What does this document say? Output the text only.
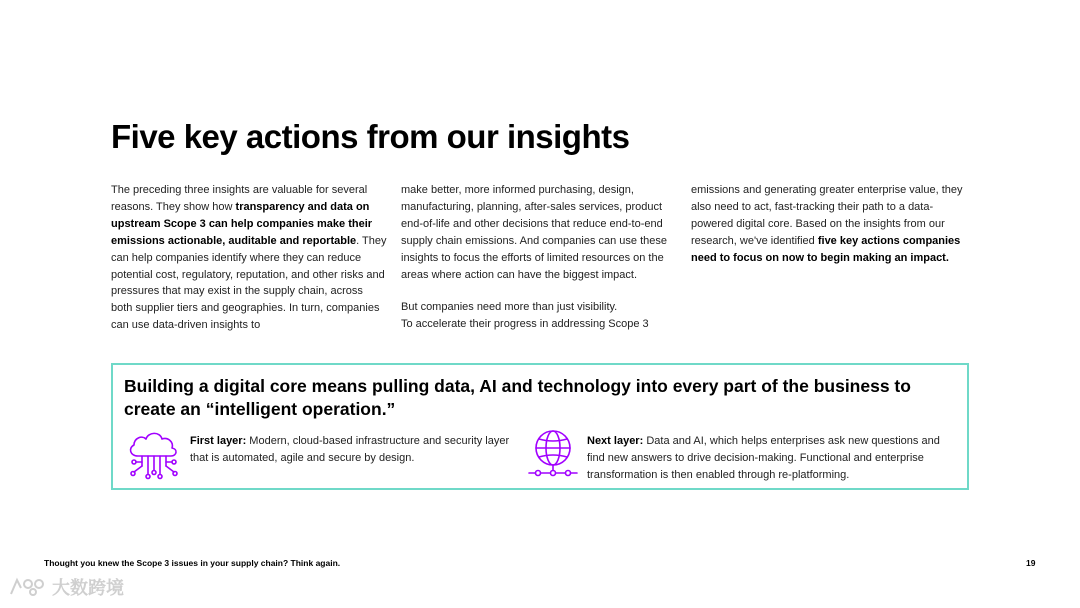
Five key actions from our insights
The preceding three insights are valuable for several reasons. They show how transparency and data on upstream Scope 3 can help companies make their emissions actionable, auditable and reportable. They can help companies identify where they can reduce potential cost, regulatory, reputation, and other risks and pressures that may exist in the supply chain, across both supplier tiers and geographies. In turn, companies can use data-driven insights to
make better, more informed purchasing, design, manufacturing, planning, after-sales services, product end-of-life and other decisions that reduce end-to-end supply chain emissions. And companies can use these insights to focus the efforts of limited resources on the areas where action can have the biggest impact.
But companies need more than just visibility.
To accelerate their progress in addressing Scope 3
emissions and generating greater enterprise value, they also need to act, fast-tracking their path to a data-powered digital core. Based on the insights from our research, we've identified five key actions companies need to focus on now to begin making an impact.
Building a digital core means pulling data, AI and technology into every part of the business to create an “intelligent operation.”
First layer: Modern, cloud-based infrastructure and security layer that is automated, agile and secure by design.
Next layer: Data and AI, which helps enterprises ask new questions and find new answers to drive decision-making. Functional and enterprise transformation is then enabled through re-platforming.
Thought you knew the Scope 3 issues in your supply chain? Think again.	19
大数跨境
